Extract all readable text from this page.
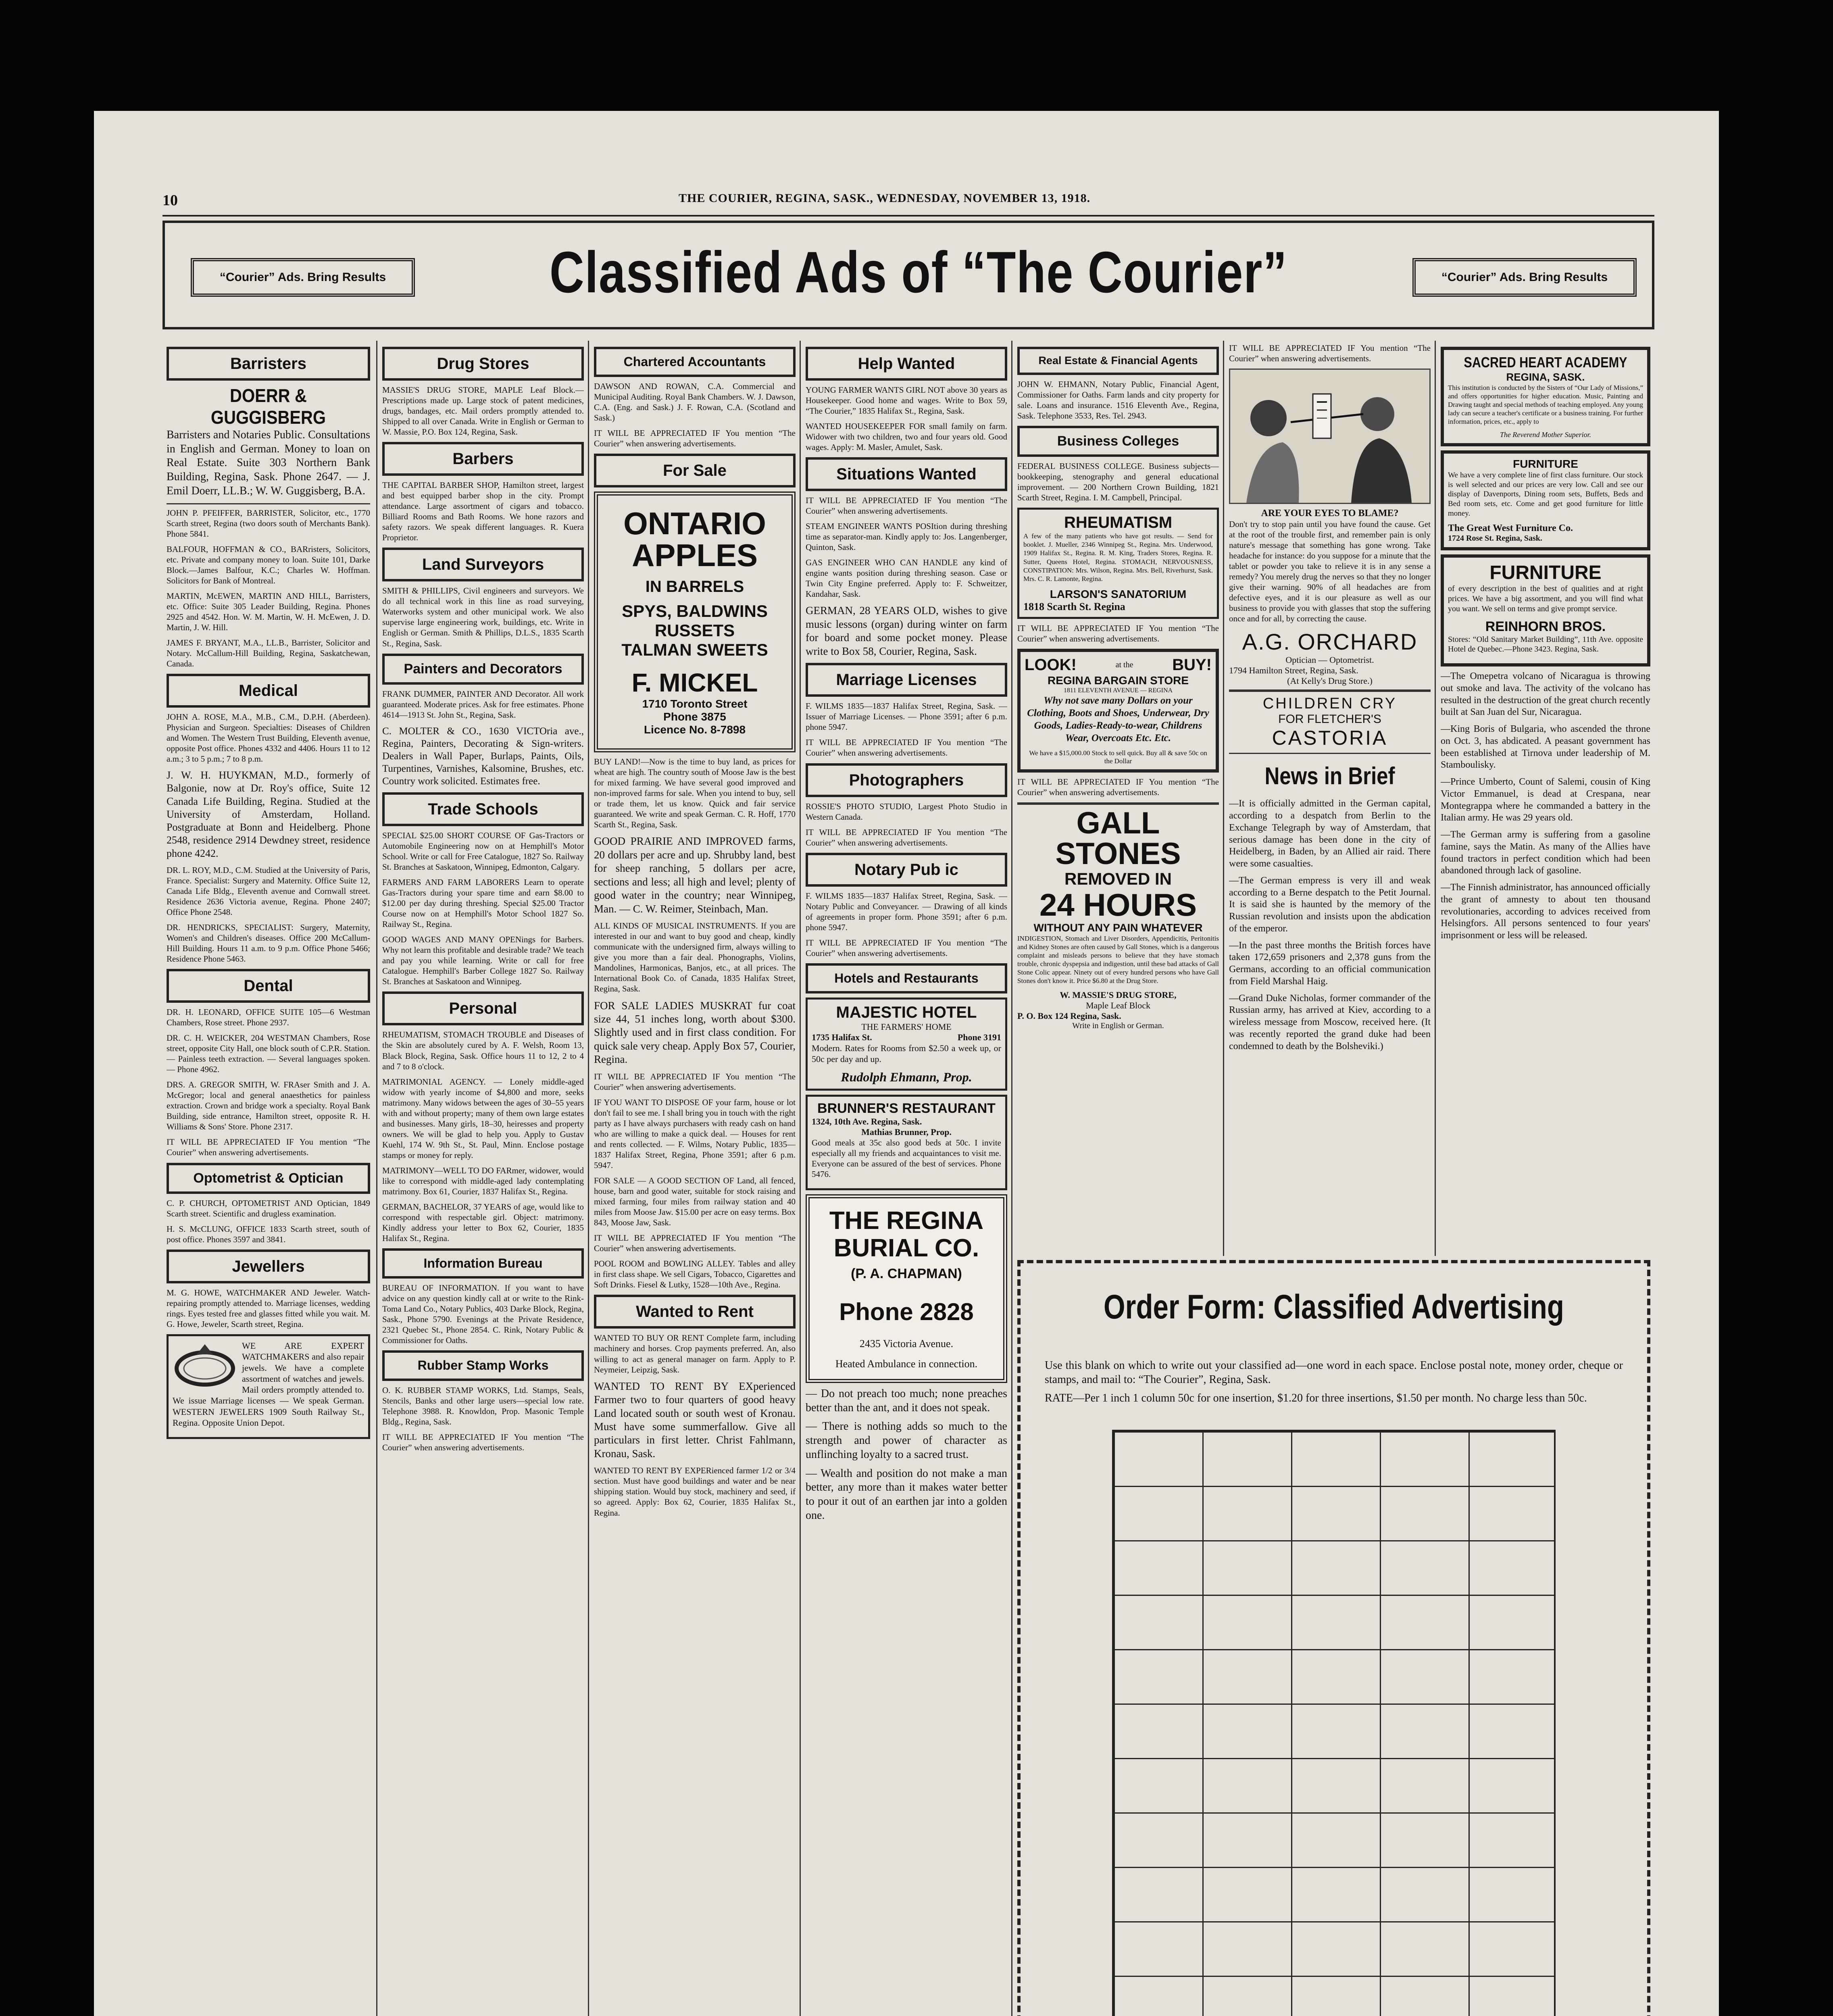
10	THE COURIER, REGINA, SASK., WEDNESDAY, NOVEMBER 13, 1918.
“Courier” Ads. Bring Results	Classified Ads of “The Courier”	“Courier” Ads. Bring Results
Barristers
DOERR & GUGGISBERG

Barristers and Notaries Public. Consultations in English and German. Money to loan on Real Estate. Suite 303 Northern Bank Building, Regina, Sask. Phone 2647. — J. Emil Doerr, LL.B.; W. W. Guggisberg, B.A.

JOHN P. PFEIFFER, BARRISTER, Solicitor, etc., 1770 Scarth street, Regina (two doors south of Merchants Bank). Phone 5841.

BALFOUR, HOFFMAN & CO., BARristers, Solicitors, etc. Private and company money to loan. Suite 101, Darke Block.—James Balfour, K.C.; Charles W. Hoffman. Solicitors for Bank of Montreal.

MARTIN, McEWEN, MARTIN AND HILL, Barristers, etc. Office: Suite 305 Leader Building, Regina. Phones 2925 and 4542. Hon. W. M. Martin, W. H. McEwen, J. D. Martin, J. W. Hill.

JAMES F. BRYANT, M.A., LL.B., Barrister, Solicitor and Notary. McCallum-Hill Building, Regina, Saskatchewan, Canada.

Medical

JOHN A. ROSE, M.A., M.B., C.M., D.P.H. (Aberdeen). Physician and Surgeon. Specialties: Diseases of Children and Women. The Western Trust Building, Eleventh avenue, opposite Post office. Phones 4332 and 4406. Hours 11 to 12 a.m.; 3 to 5 p.m.; 7 to 8 p.m.

J. W. H. HUYKMAN, M.D., formerly of Balgonie, now at Dr. Roy's office, Suite 12 Canada Life Building, Regina. Studied at the University of Amsterdam, Holland. Postgraduate at Bonn and Heidelberg. Phone 2548, residence 2914 Dewdney street, residence phone 4242.

DR. L. ROY, M.D., C.M. Studied at the University of Paris, France. Specialist: Surgery and Maternity. Office Suite 12, Canada Life Bldg., Eleventh avenue and Cornwall street. Residence 2636 Victoria avenue, Regina. Phone 2407; Office Phone 2548.

DR. HENDRICKS, SPECIALIST: Surgery, Maternity, Women's and Children's diseases. Office 200 McCallum-Hill Building. Hours 11 a.m. to 9 p.m. Office Phone 5466; Residence Phone 5463.

Dental

DR. H. LEONARD, OFFICE SUITE 105—6 Westman Chambers, Rose street. Phone 2937.

DR. C. H. WEICKER, 204 WESTMAN Chambers, Rose street, opposite City Hall, one block south of C.P.R. Station. — Painless teeth extraction. — Several languages spoken. — Phone 4962.

DRS. A. GREGOR SMITH, W. FRAser Smith and J. A. McGregor; local and general anaesthetics for painless extraction. Crown and bridge work a specialty. Royal Bank Building, side entrance, Hamilton street, opposite R. H. Williams & Sons' Store. Phone 2317.

IT WILL BE APPRECIATED IF You mention “The Courier” when answering advertisements.

Optometrist & Optician

C. P. CHURCH, OPTOMETRIST AND Optician, 1849 Scarth street. Scientific and drugless examination.

H. S. McCLUNG, OFFICE 1833 Scarth street, south of post office. Phones 3597 and 3841.

Jewellers

M. G. HOWE, WATCHMAKER AND Jeweler. Watch-repairing promptly attended to. Marriage licenses, wedding rings. Eyes tested free and glasses fitted while you wait. M. G. Howe, Jeweler, Scarth street, Regina.

WE ARE EXPERT WATCHMAKERS and also repair jewels. We have a complete assortment of watches and jewels. Mail orders promptly attended to. We issue Marriage licenses — We speak German. WESTERN JEWELERS 1909 South Railway St., Regina. Opposite Union Depot.

Drug Stores

MASSIE'S DRUG STORE, MAPLE Leaf Block.—Prescriptions made up. Large stock of patent medicines, drugs, bandages, etc. Mail orders promptly attended to. Shipped to all over Canada. Write in English or German to W. Massie, P.O. Box 124, Regina, Sask.

Barbers

THE CAPITAL BARBER SHOP, Hamilton street, largest and best equipped barber shop in the city. Prompt attendance. Large assortment of cigars and tobacco. Billiard Rooms and Bath Rooms. We hone razors and safety razors. We speak different languages. R. Kuera Proprietor.

Land Surveyors

SMITH & PHILLIPS, Civil engineers and surveyors. We do all technical work in this line as road surveying, Waterworks system and other municipal work. We also supervise large engineering work, buildings, etc. Write in English or German. Smith & Phillips, D.L.S., 1835 Scarth St., Regina, Sask.

Painters and Decorators

FRANK DUMMER, PAINTER AND Decorator. All work guaranteed. Moderate prices. Ask for free estimates. Phone 4614—1913 St. John St., Regina, Sask.

C. MOLTER & CO., 1630 VICTOria ave., Regina, Painters, Decorating & Sign-writers. Dealers in Wall Paper, Burlaps, Paints, Oils, Turpentines, Varnishes, Kalsomine, Brushes, etc. Country work solicited. Estimates free.

Trade Schools

SPECIAL $25.00 SHORT COURSE OF Gas-Tractors or Automobile Engineering now on at Hemphill's Motor School. Write or call for Free Catalogue, 1827 So. Railway St. Branches at Saskatoon, Winnipeg, Edmonton, Calgary.

FARMERS AND FARM LABORERS Learn to operate Gas-Tractors during your spare time and earn $8.00 to $12.00 per day during threshing. Special $25.00 Tractor Course now on at Hemphill's Motor School 1827 So. Railway St., Regina.

GOOD WAGES AND MANY OPENings for Barbers. Why not learn this profitable and desirable trade? We teach and pay you while learning. Write or call for free Catalogue. Hemphill's Barber College 1827 So. Railway St. Branches at Saskatoon and Winnipeg.

Personal

RHEUMATISM, STOMACH TROUBLE and Diseases of the Skin are absolutely cured by A. F. Welsh, Room 13, Black Block, Regina, Sask. Office hours 11 to 12, 2 to 4 and 7 to 8 o'clock.

MATRIMONIAL AGENCY. — Lonely middle-aged widow with yearly income of $4,800 and more, seeks matrimony. Many widows between the ages of 30–55 years with and without property; many of them own large estates and businesses. Many girls, 18–30, heiresses and property owners. We will be glad to help you. Apply to Gustav Kuehl, 174 W. 9th St., St. Paul, Minn. Enclose postage stamps or money for reply.

MATRIMONY—WELL TO DO FARmer, widower, would like to correspond with middle-aged lady contemplating matrimony. Box 61, Courier, 1837 Halifax St., Regina.

GERMAN, BACHELOR, 37 YEARS of age, would like to correspond with respectable girl. Object: matrimony. Kindly address your letter to Box 62, Courier, 1835 Halifax St., Regina.

Information Bureau

BUREAU OF INFORMATION. If you want to have advice on any question kindly call at or write to the Rink-Toma Land Co., Notary Publics, 403 Darke Block, Regina, Sask., Phone 5790. Evenings at the Private Residence, 2321 Quebec St., Phone 2854. C. Rink, Notary Public & Commissioner for Oaths.

Rubber Stamp Works

O. K. RUBBER STAMP WORKS, Ltd. Stamps, Seals, Stencils, Banks and other large users—special low rate. Telephone 3988. R. Knowldon, Prop. Masonic Temple Bldg., Regina, Sask.

IT WILL BE APPRECIATED IF You mention “The Courier” when answering advertisements.

Chartered Accountants

DAWSON AND ROWAN, C.A. Commercial and Municipal Auditing. Royal Bank Chambers. W. J. Dawson, C.A. (Eng. and Sask.) J. F. Rowan, C.A. (Scotland and Sask.)

IT WILL BE APPRECIATED IF You mention “The Courier” when answering advertisements.

For Sale
ONTARIO
APPLES
IN BARRELS
SPYS, BALDWINS
RUSSETS
TALMAN SWEETS
F. MICKEL
1710 Toronto Street
Phone 3875
Licence No. 8-7898

BUY LAND!—Now is the time to buy land, as prices for wheat are high. The country south of Moose Jaw is the best for mixed farming. We have several good improved and non-improved farms for sale. When you intend to buy, sell or trade them, let us know. Quick and fair service guaranteed. We write and speak German. C. R. Hoff, 1770 Scarth St., Regina, Sask.

GOOD PRAIRIE AND IMPROVED farms, 20 dollars per acre and up. Shrubby land, best for sheep ranching, 5 dollars per acre, sections and less; all high and level; plenty of good water in the country; near Winnipeg, Man. — C. W. Reimer, Steinbach, Man.

ALL KINDS OF MUSICAL INSTRUMENTS. If you are interested in our and want to buy good and cheap, kindly communicate with the undersigned firm, always willing to give you more than a fair deal. Phonographs, Violins, Mandolines, Harmonicas, Banjos, etc., at all prices. The International Book Co. of Canada, 1835 Halifax Street, Regina, Sask.

FOR SALE LADIES MUSKRAT fur coat size 44, 51 inches long, worth about $300. Slightly used and in first class condition. For quick sale very cheap. Apply Box 57, Courier, Regina.

IT WILL BE APPRECIATED IF You mention “The Courier” when answering advertisements.

IF YOU WANT TO DISPOSE OF your farm, house or lot don't fail to see me. I shall bring you in touch with the right party as I have always purchasers with ready cash on hand who are willing to make a quick deal. — Houses for rent and rents collected. — F. Wilms, Notary Public, 1835—1837 Halifax Street, Regina, Phone 3591; after 6 p.m. 5947.

FOR SALE — A GOOD SECTION OF Land, all fenced, house, barn and good water, suitable for stock raising and mixed farming, four miles from railway station and 40 miles from Moose Jaw. $15.00 per acre on easy terms. Box 843, Moose Jaw, Sask.

IT WILL BE APPRECIATED IF You mention “The Courier” when answering advertisements.

POOL ROOM and BOWLING ALLEY. Tables and alley in first class shape. We sell Cigars, Tobacco, Cigarettes and Soft Drinks. Fiesel & Lutky, 1528—10th Ave., Regina.

Wanted to Rent

WANTED TO BUY OR RENT Complete farm, including machinery and horses. Crop payments preferred. An, also willing to act as general manager on farm. Apply to P. Neymeier, Leipzig, Sask.

WANTED TO RENT BY EXperienced Farmer two to four quarters of good heavy Land located south or south west of Kronau. Must have some summerfallow. Give all particulars in first letter. Christ Fahlmann, Kronau, Sask.

WANTED TO RENT BY EXPERienced farmer 1/2 or 3/4 section. Must have good buildings and water and be near shipping station. Would buy stock, machinery and seed, if so agreed. Apply: Box 62, Courier, 1835 Halifax St., Regina.

Help Wanted

YOUNG FARMER WANTS GIRL NOT above 30 years as Housekeeper. Good home and wages. Write to Box 59, “The Courier,” 1835 Halifax St., Regina, Sask.

WANTED HOUSEKEEPER FOR small family on farm. Widower with two children, two and four years old. Good wages. Apply: M. Masler, Amulet, Sask.

Situations Wanted

IT WILL BE APPRECIATED IF You mention “The Courier” when answering advertisements.

STEAM ENGINEER WANTS POSItion during threshing time as separator-man. Kindly apply to: Jos. Langenberger, Quinton, Sask.

GAS ENGINEER WHO CAN HANDLE any kind of engine wants position during threshing season. Case or Twin City Engine preferred. Apply to: F. Schweitzer, Kandahar, Sask.

GERMAN, 28 YEARS OLD, wishes to give music lessons (organ) during winter on farm for board and some pocket money. Please write to Box 58, Courier, Regina, Sask.

Marriage Licenses

F. WILMS 1835—1837 Halifax Street, Regina, Sask. — Issuer of Marriage Licenses. — Phone 3591; after 6 p.m. phone 5947.

IT WILL BE APPRECIATED IF You mention “The Courier” when answering advertisements.

Photographers

ROSSIE'S PHOTO STUDIO, Largest Photo Studio in Western Canada.

IT WILL BE APPRECIATED IF You mention “The Courier” when answering advertisements.

Notary Pub ic

F. WILMS 1835—1837 Halifax Street, Regina, Sask. — Notary Public and Conveyancer. — Drawing of all kinds of agreements in proper form. Phone 3591; after 6 p.m. phone 5947.

IT WILL BE APPRECIATED IF You mention “The Courier” when answering advertisements.

Hotels and Restaurants
MAJESTIC HOTEL
THE FARMERS' HOME
1735 Halifax St.	Phone 3191

Modern. Rates for Rooms from $2.50 a week up, or 50c per day and up.

Rudolph Ehmann, Prop.
BRUNNER'S RESTAURANT
1324, 10th Ave. Regina, Sask.
Mathias Brunner, Prop.

Good meals at 35c also good beds at 50c. I invite especially all my friends and acquaintances to visit me. Everyone can be assured of the best of services. Phone 5476.

THE REGINA
BURIAL CO.
(P. A. CHAPMAN)
Phone 2828
2435 Victoria Avenue.
Heated Ambulance in connection.

— Do not preach too much; none preaches better than the ant, and it does not speak.

— There is nothing adds so much to the strength and power of character as unflinching loyalty to a sacred trust.

— Wealth and position do not make a man better, any more than it makes water better to pour it out of an earthen jar into a golden one.

Real Estate & Financial Agents

JOHN W. EHMANN, Notary Public, Financial Agent, Commissioner for Oaths. Farm lands and city property for sale. Loans and insurance. 1516 Eleventh Ave., Regina, Sask. Telephone 3533, Res. Tel. 2943.

Business Colleges

FEDERAL BUSINESS COLLEGE. Business subjects—bookkeeping, stenography and general educational improvement. — 200 Northern Crown Building, 1821 Scarth Street, Regina. I. M. Campbell, Principal.

RHEUMATISM

A few of the many patients who have got results. — Send for booklet. J. Mueller, 2346 Winnipeg St., Regina. Mrs. Underwood, 1909 Halifax St., Regina. R. M. King, Traders Stores, Regina. R. Sutter, Queens Hotel, Regina. STOMACH, NERVOUSNESS, CONSTIPATION: Mrs. Wilson, Regina. Mrs. Bell, Riverhurst, Sask. Mrs. C. R. Lamonte, Regina.

LARSON'S SANATORIUM
1818 Scarth St. Regina

IT WILL BE APPRECIATED IF You mention “The Courier” when answering advertisements.

LOOK!	at the BUY!
REGINA BARGAIN STORE
1811 ELEVENTH AVENUE — REGINA

Why not save many Dollars on your Clothing, Boots and Shoes, Underwear, Dry Goods, Ladies-Ready-to-wear, Childrens Wear, Overcoats Etc. Etc.

We have a $15,000.00 Stock to sell quick. Buy all & save 50c on the Dollar

IT WILL BE APPRECIATED IF You mention “The Courier” when answering advertisements.

GALL STONES
REMOVED IN
24 HOURS
WITHOUT ANY PAIN WHATEVER

INDIGESTION, Stomach and Liver Disorders, Appendicitis, Peritonitis and Kidney Stones are often caused by Gall Stones, which is a dangerous complaint and misleads persons to believe that they have stomach trouble, chronic dyspepsia and indigestion, until these bad attacks of Gall Stone Colic appear. Ninety out of every hundred persons who have Gall Stones don't know it. Price $6.80 at the Drug Store.

W. MASSIE'S DRUG STORE,
Maple Leaf Block
P. O. Box 124 Regina, Sask.
Write in English or German.

IT WILL BE APPRECIATED IF You mention “The Courier” when answering advertisements.

ARE YOUR EYES TO BLAME?

Don't try to stop pain until you have found the cause. Get at the root of the trouble first, and remember pain is only nature's message that something has gone wrong. Take headache for instance: do you suppose for a minute that the tablet or powder you take to relieve it is in any sense a remedy? You merely drug the nerves so that they no longer give their warning. 90% of all headaches are from defective eyes, and it is our pleasure as well as our business to provide you with glasses that stop the suffering once and for all, by correcting the cause.

A.G. ORCHARD
Optician — Optometrist.
1794 Hamilton Street, Regina, Sask.
(At Kelly's Drug Store.)
CHILDREN CRY
FOR FLETCHER'S
CASTORIA
News in Brief

—It is officially admitted in the German capital, according to a despatch from Berlin to the Exchange Telegraph by way of Amsterdam, that serious damage has been done in the city of Heidelberg, in Baden, by an Allied air raid. There were some casualties.

—The German empress is very ill and weak according to a Berne despatch to the Petit Journal. It is said she is haunted by the memory of the Russian revolution and insists upon the abdication of the emperor.

—In the past three months the British forces have taken 172,659 prisoners and 2,378 guns from the Germans, according to an official communication from Field Marshal Haig.

—Grand Duke Nicholas, former commander of the Russian army, has arrived at Kiev, according to a wireless message from Moscow, received here. (It was recently reported the grand duke had been condemned to death by the Bolsheviki.)

SACRED HEART ACADEMY
REGINA, SASK.

This institution is conducted by the Sisters of “Our Lady of Missions,” and offers opportunities for higher education. Music, Painting and Drawing taught and special methods of teaching employed. Any young lady can secure a teacher's certificate or a business training. For further information, prices, etc., apply to

The Reverend Mother Superior.
FURNITURE

We have a very complete line of first class furniture. Our stock is well selected and our prices are very low. Call and see our display of Davenports, Dining room sets, Buffets, Beds and Bed room sets, etc. Come and get good furniture for little money.

The Great West Furniture Co.
1724 Rose St. Regina, Sask.
FURNITURE

of every description in the best of qualities and at right prices. We have a big assortment, and you will find what you want. We sell on terms and give prompt service.

REINHORN BROS.

Stores: “Old Sanitary Market Building”, 11th Ave. opposite Hotel de Quebec.—Phone 3423. Regina, Sask.

—The Omepetra volcano of Nicaragua is throwing out smoke and lava. The activity of the volcano has resulted in the destruction of the great church recently built at San Juan del Sur, Nicaragua.

—King Boris of Bulgaria, who ascended the throne on Oct. 3, has abdicated. A peasant government has been established at Tirnova under leadership of M. Stamboulisky.

—Prince Umberto, Count of Salemi, cousin of King Victor Emmanuel, is dead at Crespana, near Montegrappa where he commanded a battery in the Italian army. He was 29 years old.

—The German army is suffering from a gasoline famine, says the Matin. As many of the Allies have found tractors in perfect condition which had been abandoned through lack of gasoline.

—The Finnish administrator, has announced officially the grant of amnesty to about ten thousand revolutionaries, according to advices received from Helsingfors. All persons sentenced to four years' imprisonment or less will be released.

Order Form: Classified Advertising

Use this blank on which to write out your classified ad—one word in each space. Enclose postal note, money order, cheque or stamps, and mail to: “The Courier”, Regina, Sask.

RATE—Per 1 inch 1 column 50c for one insertion, $1.20 for three insertions, $1.50 per month. No charge less than 50c.
